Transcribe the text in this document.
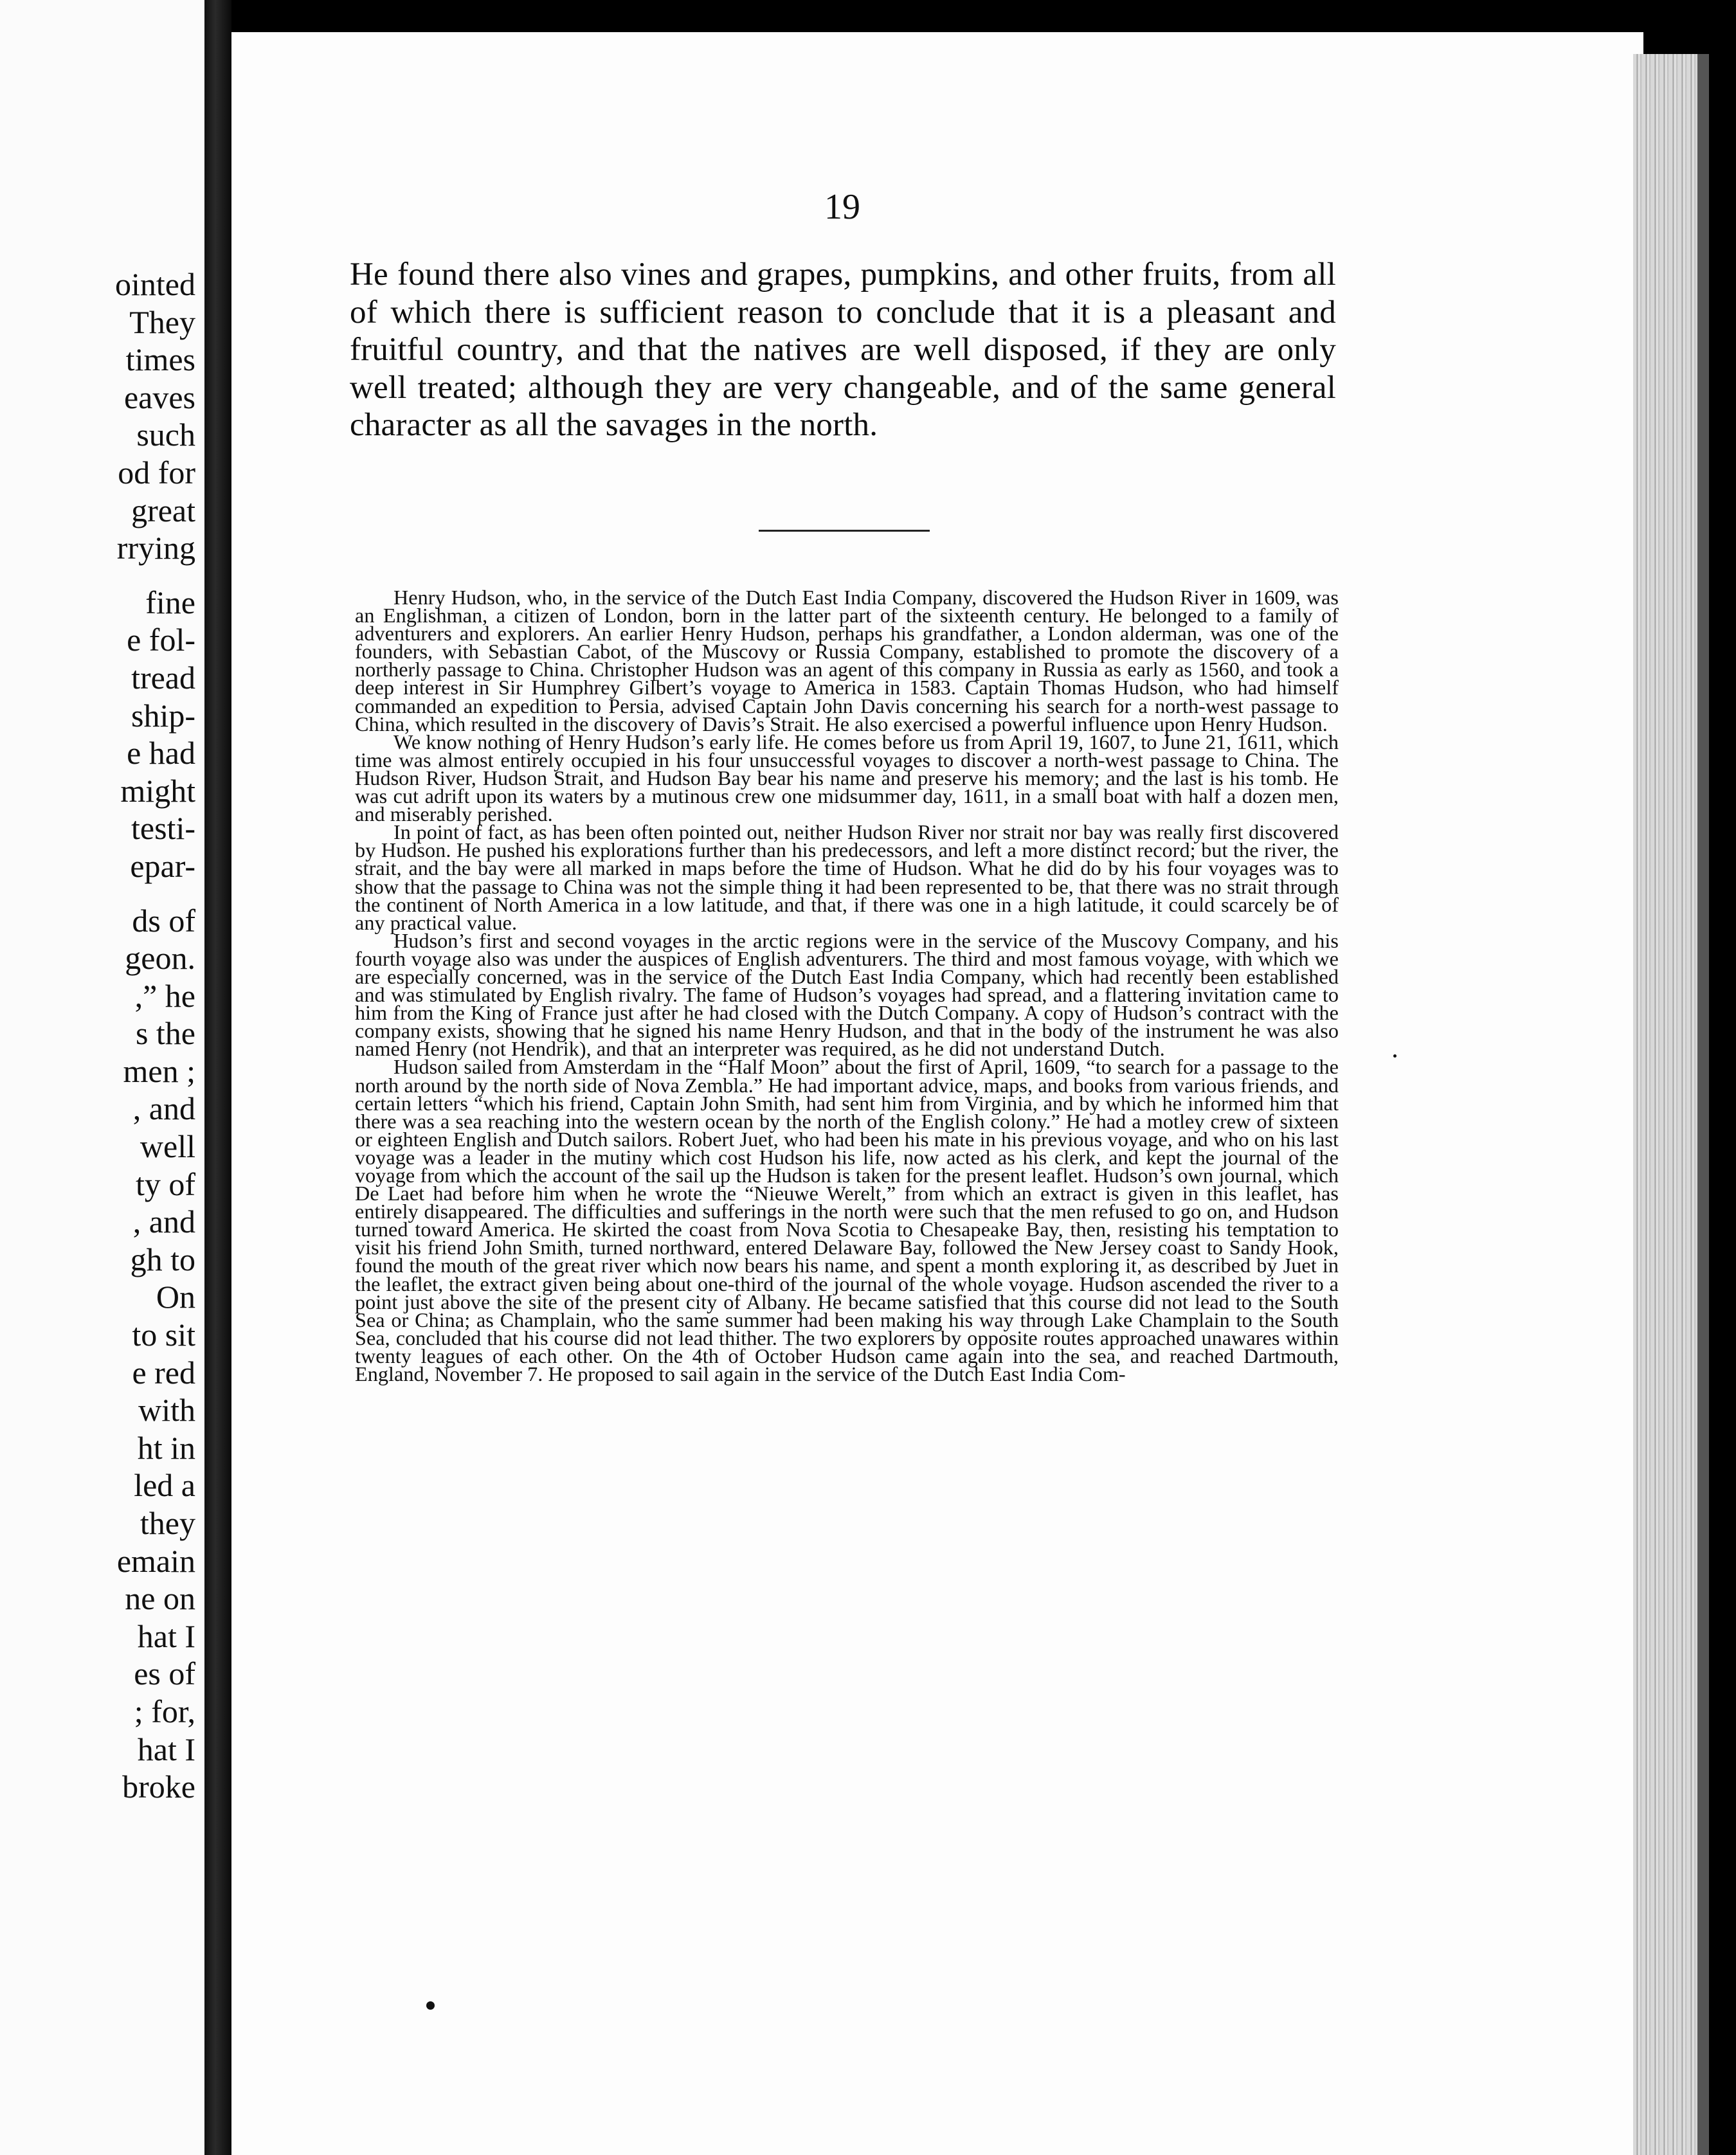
ointed
They
times
eaves
such
od for
great
rrying
fine
e fol-
tread
ship-
e had
might
testi-
epar-
ds of
geon.
,” he
s the
men ;
, and
well
ty of
, and
gh to
On
to sit
e red
with
ht in
led a
they
emain
ne on
hat I
es of
; for,
hat I
broke

19

He found there also vines and grapes, pumpkins, and other fruits, from all of which there is sufficient reason to conclude that it is a pleasant and fruitful country, and that the natives are well disposed, if they are only well treated; although they are very changeable, and of the same general character as all the savages in the north.

Henry Hudson, who, in the service of the Dutch East India Company, discovered the Hudson River in 1609, was an Englishman, a citizen of London, born in the latter part of the sixteenth century. He belonged to a family of adventurers and explorers. An earlier Henry Hudson, perhaps his grandfather, a London alderman, was one of the founders, with Sebastian Cabot, of the Muscovy or Russia Company, established to promote the discovery of a northerly passage to China. Christopher Hudson was an agent of this company in Russia as early as 1560, and took a deep interest in Sir Humphrey Gilbert’s voyage to America in 1583. Captain Thomas Hudson, who had himself commanded an expedition to Persia, advised Captain John Davis concerning his search for a north-west passage to China, which resulted in the discovery of Davis’s Strait. He also exercised a powerful influence upon Henry Hudson.

We know nothing of Henry Hudson’s early life. He comes before us from April 19, 1607, to June 21, 1611, which time was almost entirely occupied in his four unsuccessful voyages to discover a north-west passage to China. The Hudson River, Hudson Strait, and Hudson Bay bear his name and preserve his memory; and the last is his tomb. He was cut adrift upon its waters by a mutinous crew one midsummer day, 1611, in a small boat with half a dozen men, and miserably perished.

In point of fact, as has been often pointed out, neither Hudson River nor strait nor bay was really first discovered by Hudson. He pushed his explorations further than his predecessors, and left a more distinct record; but the river, the strait, and the bay were all marked in maps before the time of Hudson. What he did do by his four voyages was to show that the passage to China was not the simple thing it had been represented to be, that there was no strait through the continent of North America in a low latitude, and that, if there was one in a high latitude, it could scarcely be of any practical value.

Hudson’s first and second voyages in the arctic regions were in the service of the Muscovy Company, and his fourth voyage also was under the auspices of English adventurers. The third and most famous voyage, with which we are especially concerned, was in the service of the Dutch East India Company, which had recently been established and was stimulated by English rivalry. The fame of Hudson’s voyages had spread, and a flattering invitation came to him from the King of France just after he had closed with the Dutch Company. A copy of Hudson’s contract with the company exists, showing that he signed his name Henry Hudson, and that in the body of the instrument he was also named Henry (not Hendrik), and that an interpreter was required, as he did not understand Dutch.

Hudson sailed from Amsterdam in the “Half Moon” about the first of April, 1609, “to search for a passage to the north around by the north side of Nova Zembla.” He had important advice, maps, and books from various friends, and certain letters “which his friend, Captain John Smith, had sent him from Virginia, and by which he informed him that there was a sea reaching into the western ocean by the north of the English colony.” He had a motley crew of sixteen or eighteen English and Dutch sailors. Robert Juet, who had been his mate in his previous voyage, and who on his last voyage was a leader in the mutiny which cost Hudson his life, now acted as his clerk, and kept the journal of the voyage from which the account of the sail up the Hudson is taken for the present leaflet. Hudson’s own journal, which De Laet had before him when he wrote the “Nieuwe Werelt,” from which an extract is given in this leaflet, has entirely disappeared. The difficulties and sufferings in the north were such that the men refused to go on, and Hudson turned toward America. He skirted the coast from Nova Scotia to Chesapeake Bay, then, resisting his temptation to visit his friend John Smith, turned northward, entered Delaware Bay, followed the New Jersey coast to Sandy Hook, found the mouth of the great river which now bears his name, and spent a month exploring it, as described by Juet in the leaflet, the extract given being about one-third of the journal of the whole voyage. Hudson ascended the river to a point just above the site of the present city of Albany. He became satisfied that this course did not lead to the South Sea or China; as Champlain, who the same summer had been making his way through Lake Champlain to the South Sea, concluded that his course did not lead thither. The two explorers by opposite routes approached unawares within twenty leagues of each other. On the 4th of October Hudson came again into the sea, and reached Dartmouth, England, November 7. He proposed to sail again in the service of the Dutch East India Com-
